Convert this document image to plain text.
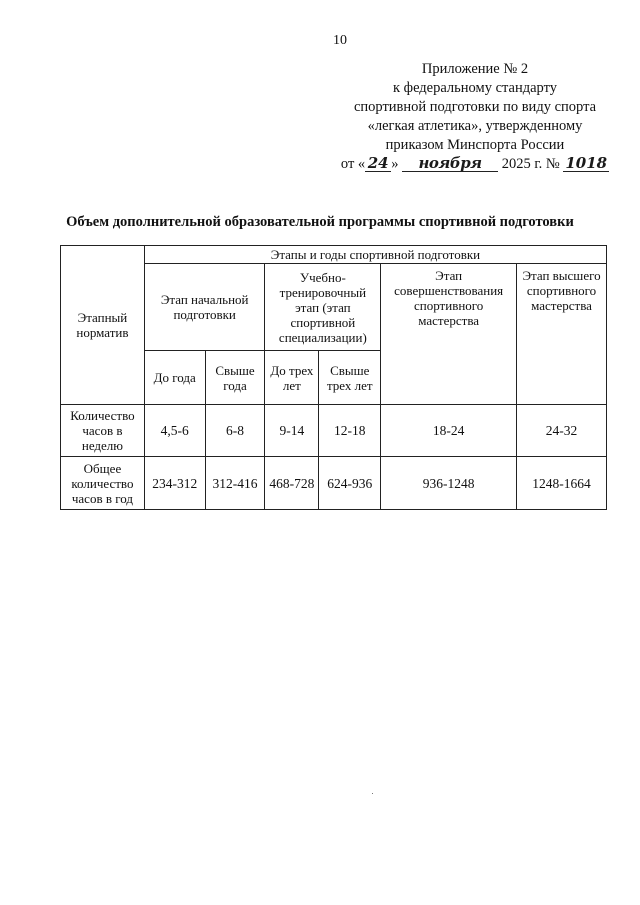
10
Приложение № 2
к федеральному стандарту
спортивной подготовки по виду спорта
«легкая атлетика», утвержденному
приказом Минспорта России
от « 24 » ноября 2025 г. № 1018
Объем дополнительной образовательной программы спортивной подготовки
Этапный норматив	Этапы и годы спортивной подготовки					
	Этап начальной подготовки		Учебно-тренировочный этап (этап спортивной специализации)		Этап совершенствования спортивного мастерства	Этап высшего спортивного мастерства
	До года	Свыше года	До трех лет	Свыше трех лет		
Количество часов в неделю	4,5-6	6-8	9-14	12-18	18-24	24-32
Общее количество часов в год	234-312	312-416	468-728	624-936	936-1248	1248-1664
